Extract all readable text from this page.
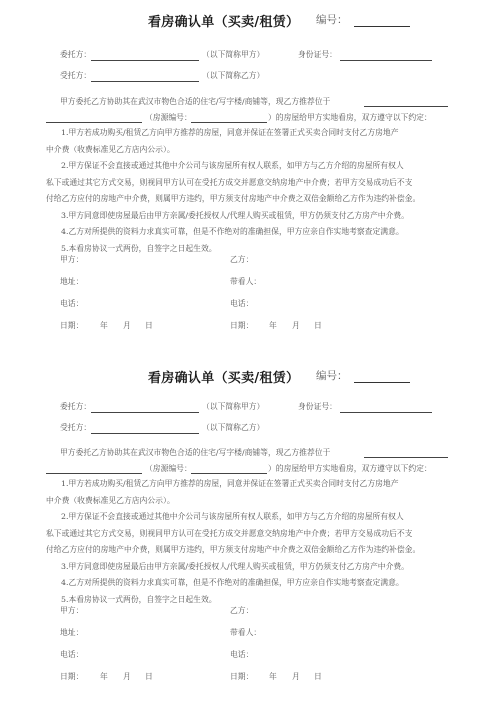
看房确认单（买卖/租赁） 编号：
委托方：	（以下简称甲方）	身份证号：
受托方：	（以下简称乙方）
甲方委托乙方协助其在武汉市物色合适的住宅/写字楼/商铺等，现乙方推荐位于
（房源编号：	）的房屋给甲方实地看房，双方遵守以下约定：
1.甲方若成功购买/租赁乙方向甲方推荐的房屋，同意并保证在签署正式买卖合同时支付乙方房地产
中介费（收费标准见乙方店内公示）。
2.甲方保证不会直接或通过其他中介公司与该房屋所有权人联系，如甲方与乙方介绍的房屋所有权人
私下或通过其它方式交易，则视同甲方认可在受托方成交并愿意交纳房地产中介费；若甲方交易成功后不支
付给乙方应付的房地产中介费，则属甲方违约，甲方须支付房地产中介费之双倍金额给乙方作为违约补偿金。
3.甲方同意即使房屋最后由甲方亲属/委托授权人/代理人购买或租赁，甲方仍须支付乙方房产中介费。
4.乙方对所提供的资料力求真实可靠，但是不作绝对的准确担保，甲方应亲自作实地考察查定满意。
5.本看房协议一式两份，自签字之日起生效。
甲方：	乙方：
地址：	带看人：
电话：	电话：
日期： 年 月 日	日期： 年 月 日
看房确认单（买卖/租赁） 编号：
委托方：	（以下简称甲方）	身份证号：
受托方：	（以下简称乙方）
甲方委托乙方协助其在武汉市物色合适的住宅/写字楼/商铺等，现乙方推荐位于
（房源编号：	）的房屋给甲方实地看房，双方遵守以下约定：
1.甲方若成功购买/租赁乙方向甲方推荐的房屋，同意并保证在签署正式买卖合同时支付乙方房地产
中介费（收费标准见乙方店内公示）。
2.甲方保证不会直接或通过其他中介公司与该房屋所有权人联系，如甲方与乙方介绍的房屋所有权人
私下或通过其它方式交易，则视同甲方认可在受托方成交并愿意交纳房地产中介费；若甲方交易成功后不支
付给乙方应付的房地产中介费，则属甲方违约，甲方须支付房地产中介费之双倍金额给乙方作为违约补偿金。
3.甲方同意即使房屋最后由甲方亲属/委托授权人/代理人购买或租赁，甲方仍须支付乙方房产中介费。
4.乙方对所提供的资料力求真实可靠，但是不作绝对的准确担保，甲方应亲自作实地考察查定满意。
5.本看房协议一式两份，自签字之日起生效。
甲方：	乙方：
地址：	带看人：
电话：	电话：
日期： 年 月 日	日期： 年 月 日
